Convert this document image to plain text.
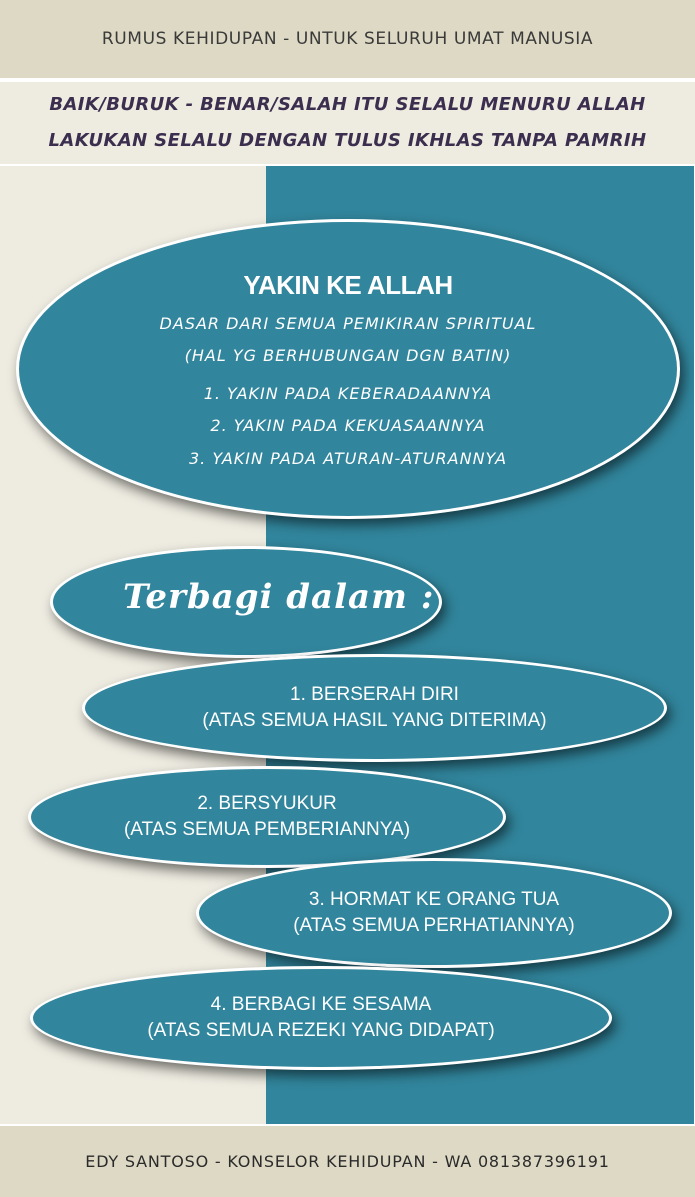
RUMUS KEHIDUPAN - UNTUK SELURUH UMAT MANUSIA
BAIK/BURUK - BENAR/SALAH ITU SELALU MENURU ALLAH
LAKUKAN SELALU DENGAN TULUS IKHLAS TANPA PAMRIH
YAKIN KE ALLAH
DASAR DARI SEMUA PEMIKIRAN SPIRITUAL
(HAL YG BERHUBUNGAN DGN BATIN)
1. YAKIN PADA KEBERADAANNYA
2. YAKIN PADA KEKUASAANNYA
3. YAKIN PADA ATURAN-ATURANNYA
Terbagi dalam :
1. BERSERAH DIRI
(ATAS SEMUA HASIL YANG DITERIMA)
2. BERSYUKUR
(ATAS SEMUA PEMBERIANNYA)
3. HORMAT KE ORANG TUA
(ATAS SEMUA PERHATIANNYA)
4. BERBAGI KE SESAMA
(ATAS SEMUA REZEKI YANG DIDAPAT)
EDY SANTOSO - KONSELOR KEHIDUPAN - WA 081387396191
